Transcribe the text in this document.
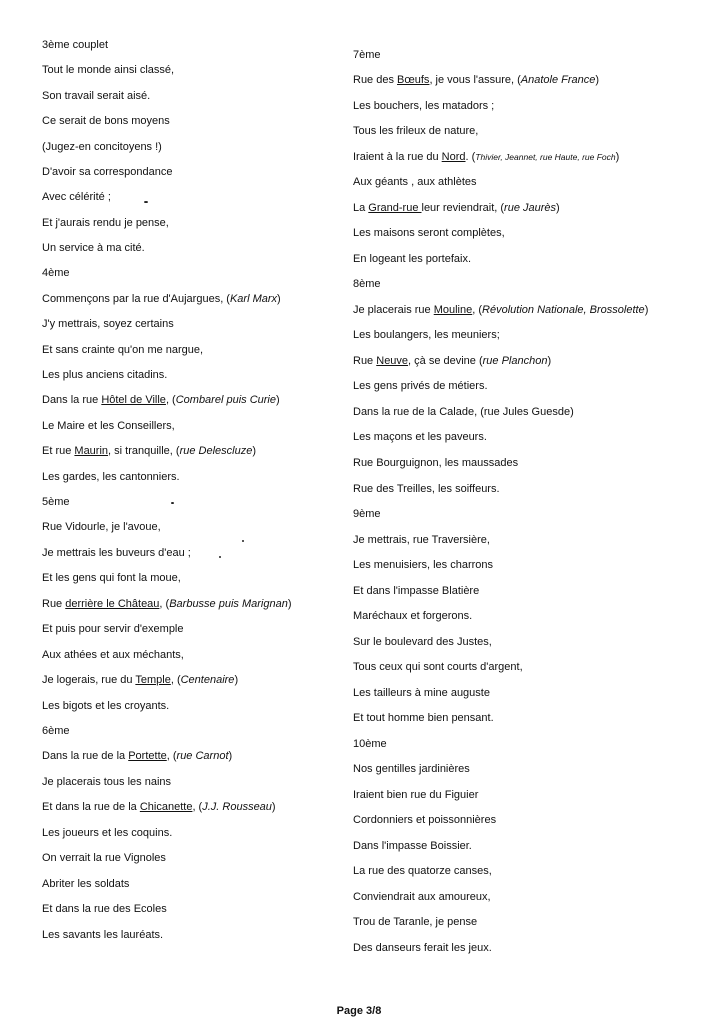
3ème couplet
Tout le monde ainsi classé,
Son travail serait aisé.
Ce serait de bons moyens
(Jugez-en concitoyens !)
D'avoir sa correspondance
Avec célérité ;
Et j'aurais rendu je pense,
Un service à ma cité.
4ème
Commençons par la rue d'Aujargues, (Karl Marx)
J'y mettrais, soyez certains
Et sans crainte qu'on me nargue,
Les plus anciens citadins.
Dans la rue Hôtel de Ville, (Combarel puis Curie)
Le Maire et les Conseillers,
Et rue Maurin, si tranquille, (rue Delescluze)
Les gardes, les cantonniers.
5ème
Rue Vidourle, je l'avoue,
Je mettrais les buveurs d'eau ;
Et les gens qui font la moue,
Rue derrière le Château, (Barbusse puis Marignan)
Et puis pour servir d'exemple
Aux athées et aux méchants,
Je logerais, rue du Temple, (Centenaire)
Les bigots et les croyants.
6ème
Dans la rue de la Portette, (rue Carnot)
Je placerais tous les nains
Et dans la rue de la Chicanette, (J.J. Rousseau)
Les joueurs et les coquins.
On verrait la rue Vignoles
Abriter les soldats
Et dans la rue des Ecoles
Les savants les lauréats.
7ème
Rue des Bœufs, je vous l'assure, (Anatole France)
Les bouchers, les matadors ;
Tous les frileux de nature,
Iraient à la rue du Nord. (Thivier, Jeannet, rue Haute, rue Foch)
Aux géants , aux athlètes
La Grand-rue leur reviendrait, (rue Jaurès)
Les maisons seront complètes,
En logeant les portefaix.
8ème
Je placerais rue Mouline, (Révolution Nationale, Brossolette)
Les boulangers, les meuniers;
Rue Neuve, çà se devine (rue Planchon)
Les gens privés de métiers.
Dans la rue de la Calade, (rue Jules Guesde)
Les maçons et les paveurs.
Rue Bourguignon, les maussades
Rue des Treilles, les soiffeurs.
9ème
Je mettrais, rue Traversière,
Les menuisiers, les charrons
Et dans l'impasse Blatière
Maréchaux et forgerons.
Sur le boulevard des Justes,
Tous ceux qui sont courts d'argent,
Les tailleurs à mine auguste
Et tout homme bien pensant.
10ème
Nos gentilles jardinières
Iraient bien rue du Figuier
Cordonniers et poissonnières
Dans l'impasse Boissier.
La rue des quatorze canses,
Conviendrait aux amoureux,
Trou de Taranle, je pense
Des danseurs ferait les jeux.
Page 3/8
